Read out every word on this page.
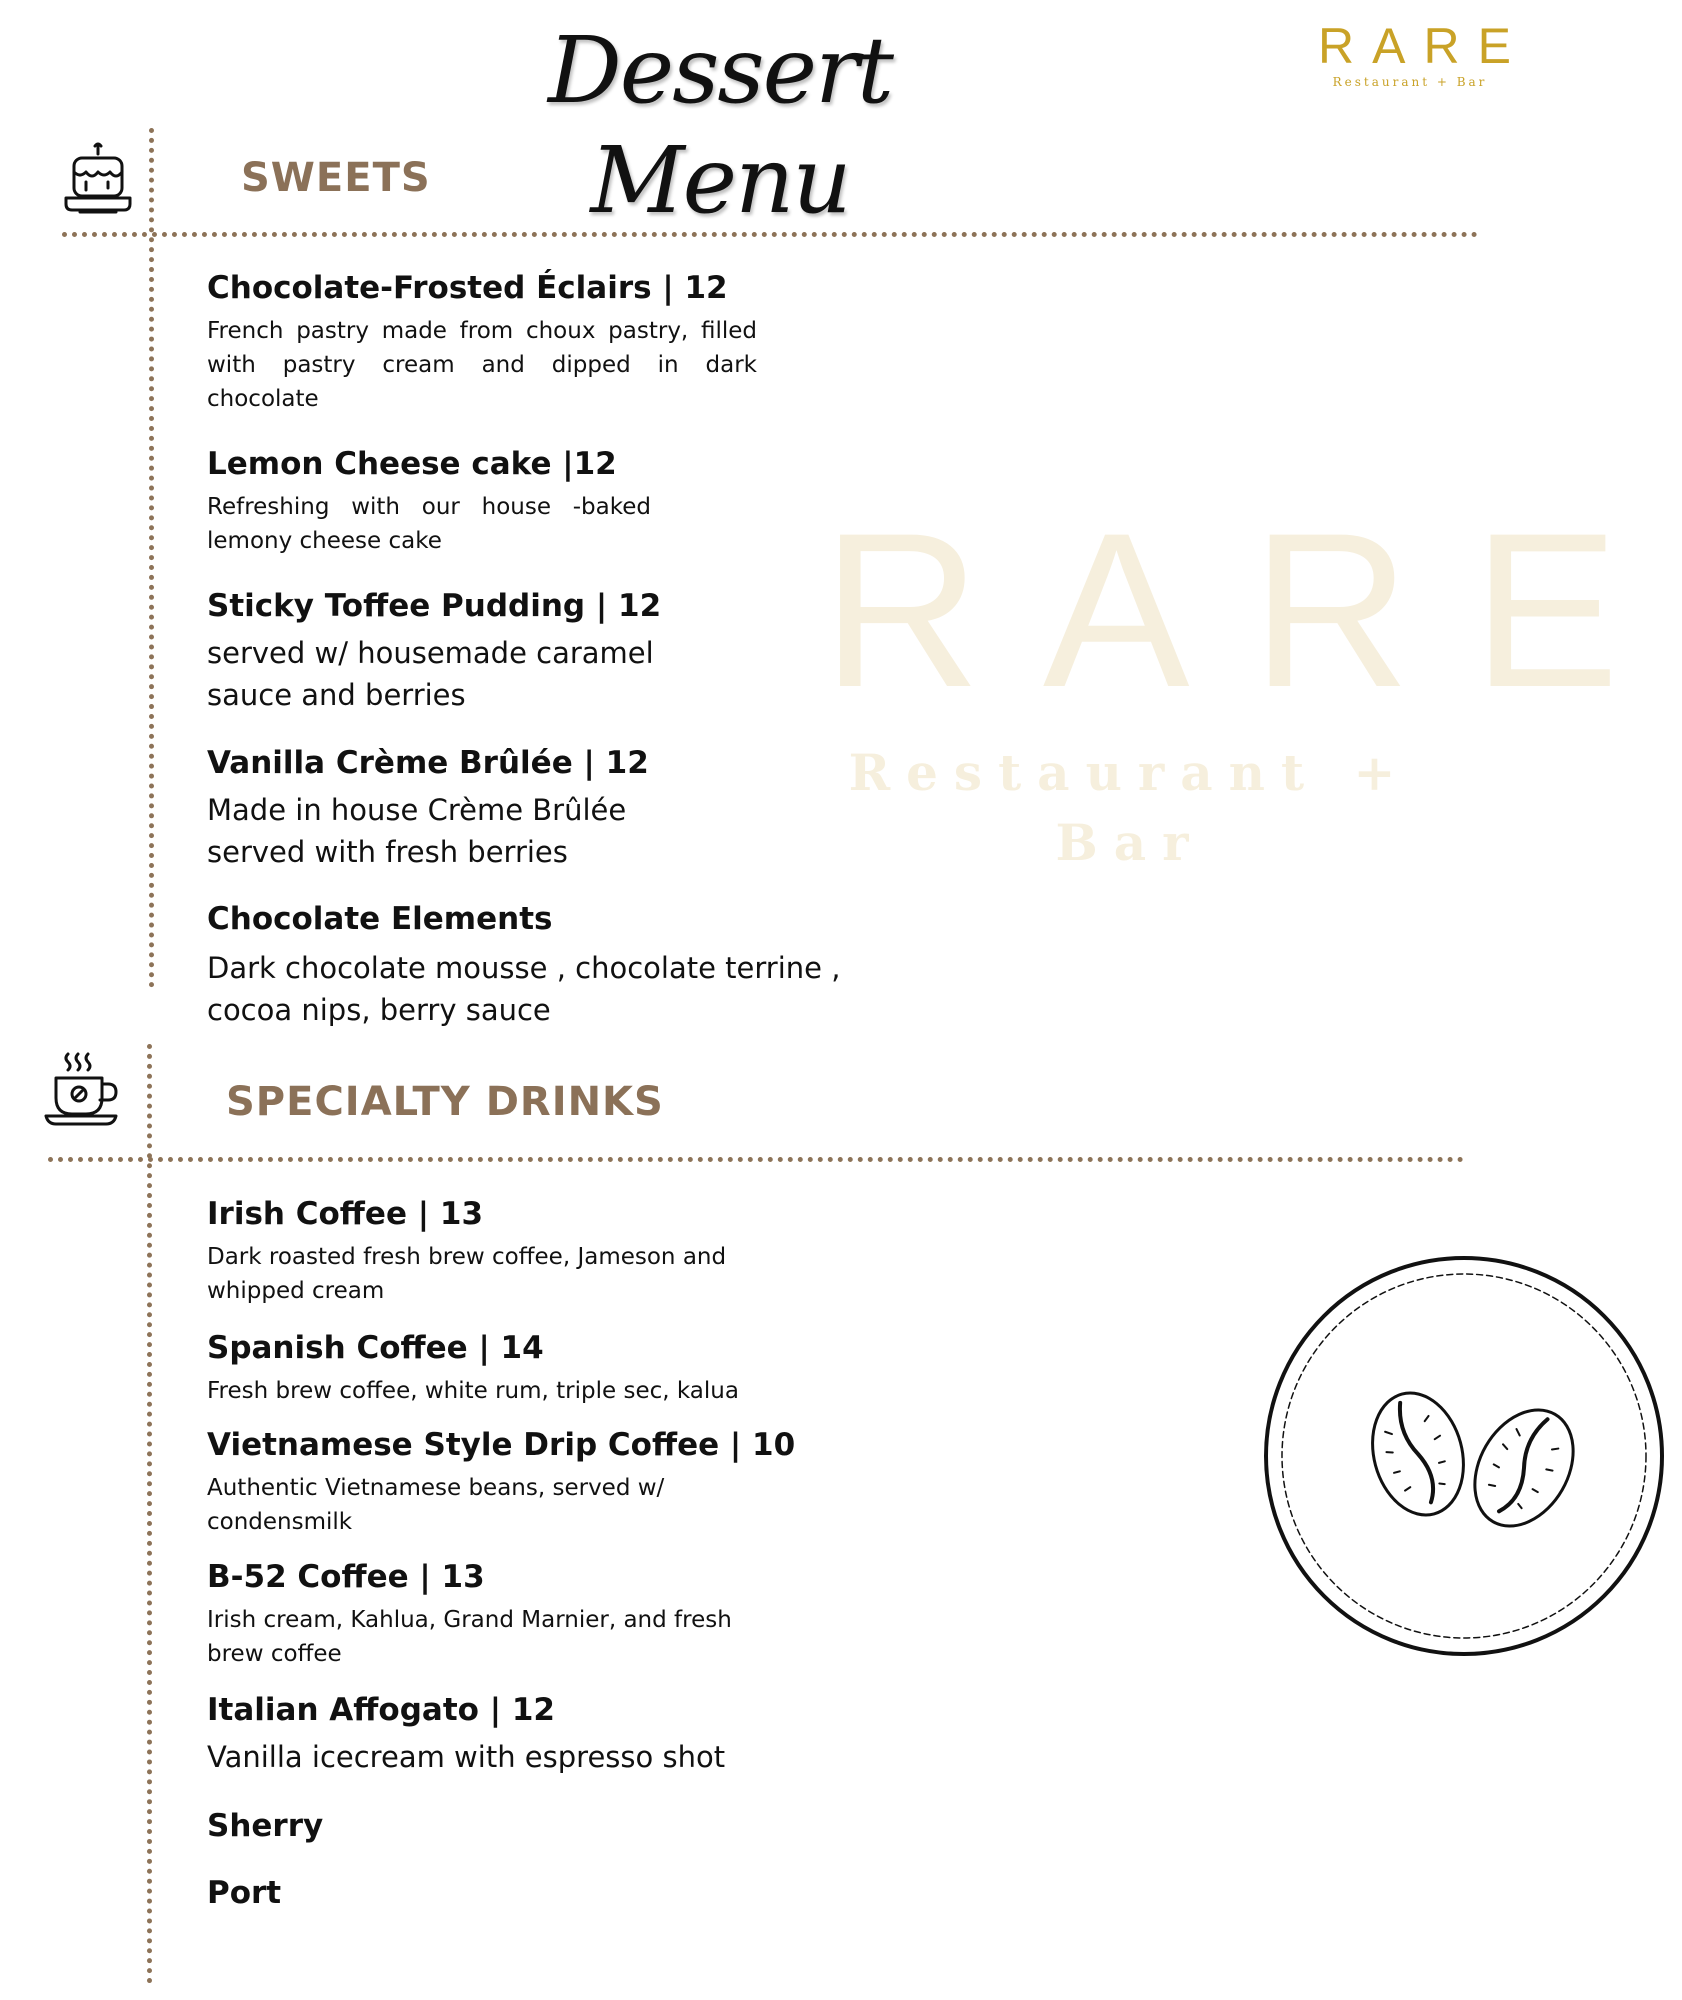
Dessert Menu
RARE
Restaurant + Bar
RARE
Restaurant + Bar
SWEETS
SPECIALTY DRINKS
Chocolate-Frosted Éclairs | 12
French pastry made from choux pastry, filled
with pastry cream and dipped in dark
chocolate
Lemon Cheese cake |12
Refreshing with our house -baked
lemony cheese cake
Sticky Toffee Pudding | 12
served w/ housemade caramel
sauce and berries
Vanilla Crème Brûlée | 12
Made in house Crème Brûlée
served with fresh berries
Chocolate Elements
Dark chocolate mousse , chocolate terrine ,
cocoa nips, berry sauce
Irish Coffee | 13
Dark roasted fresh brew coffee, Jameson and
whipped cream
Spanish Coffee | 14
Fresh brew coffee, white rum, triple sec, kalua
Vietnamese Style Drip Coffee | 10
Authentic Vietnamese beans, served w/
condensmilk
B-52 Coffee | 13
Irish cream, Kahlua, Grand Marnier, and fresh
brew coffee
Italian Affogato | 12
Vanilla icecream with espresso shot
Sherry
Port
